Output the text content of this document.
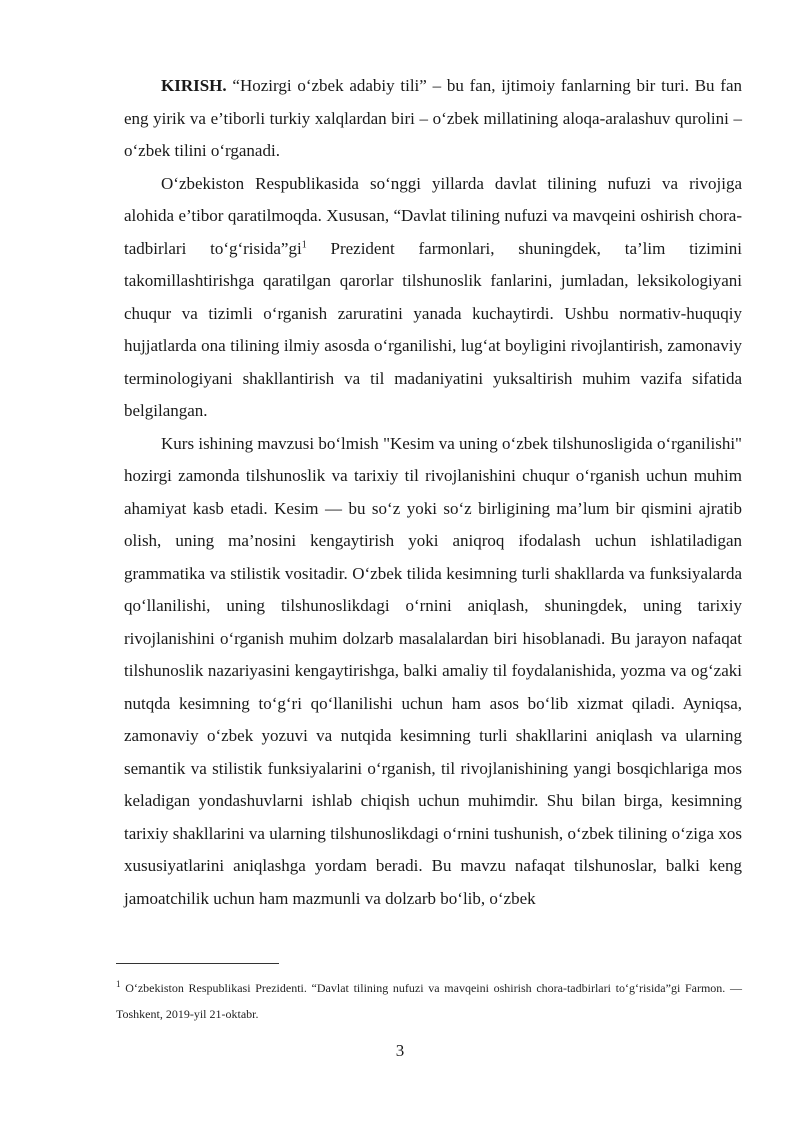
KIRISH. “Hozirgi o‘zbek adabiy tili” – bu fan, ijtimoiy fanlarning bir turi. Bu fan eng yirik va e’tiborli turkiy xalqlardan biri – o‘zbek millatining aloqa-aralashuv qurolini – o‘zbek tilini o‘rganadi.

O‘zbekiston Respublikasida so‘nggi yillarda davlat tilining nufuzi va rivojiga alohida e’tibor qaratilmoqda. Xususan, “Davlat tilining nufuzi va mavqeini oshirish chora-tadbirlari $to‘g‘risida”gi^1$ Prezident farmonlari, shuningdek, ta’lim tizimini takomillashtirishga qaratilgan qarorlar tilshunoslik fanlarini, jumladan, leksikologiyani chuqur va tizimli o‘rganish zaruratini yanada kuchaytirdi. Ushbu normativ-huquqiy hujjatlarda ona tilining ilmiy asosda o‘rganilishi, lug‘at boyligini rivojlantirish, zamonaviy terminologiyani shakllantirish va til madaniyatini yuksaltirish muhim vazifa sifatida belgilangan.

Kurs ishining mavzusi bo‘lmish "Kesim va uning o‘zbek tilshunosligida o‘rganilishi" hozirgi zamonda tilshunoslik va tarixiy til rivojlanishini chuqur o‘rganish uchun muhim ahamiyat kasb etadi. Kesim — bu so‘z yoki so‘z birligining ma’lum bir qismini ajratib olish, uning ma’nosini kengaytirish yoki aniqroq ifodalash uchun ishlatiladigan grammatika va stilistik vositadir. O‘zbek tilida kesimning turli shakllarda va funksiyalarda qo‘llanilishi, uning tilshunoslikdagi o‘rnini aniqlash, shuningdek, uning tarixiy rivojlanishini o‘rganish muhim dolzarb masalalardan biri hisoblanadi. Bu jarayon nafaqat tilshunoslik nazariyasini kengaytirishga, balki amaliy til foydalanishida, yozma va og‘zaki nutqda kesimning to‘g‘ri qo‘llanilishi uchun ham asos bo‘lib xizmat qiladi. Ayniqsa, zamonaviy o‘zbek yozuvi va nutqida kesimning turli shakllarini aniqlash va ularning semantik va stilistik funksiyalarini o‘rganish, til rivojlanishining yangi bosqichlariga mos keladigan yondashuvlarni ishlab chiqish uchun muhimdir. Shu bilan birga, kesimning tarixiy shakllarini va ularning tilshunoslikdagi o‘rnini tushunish, o‘zbek tilining o‘ziga xos xususiyatlarini aniqlashga yordam beradi. Bu mavzu nafaqat tilshunoslar, balki keng jamoatchilik uchun ham mazmunli va dolzarb bo‘lib, o‘zbek

$^1$ O‘zbekiston Respublikasi Prezidenti. “Davlat tilining nufuzi va mavqeini oshirish chora-tadbirlari to‘g‘risida”gi Farmon. — Toshkent, 2019-yil 21-oktabr.

3
